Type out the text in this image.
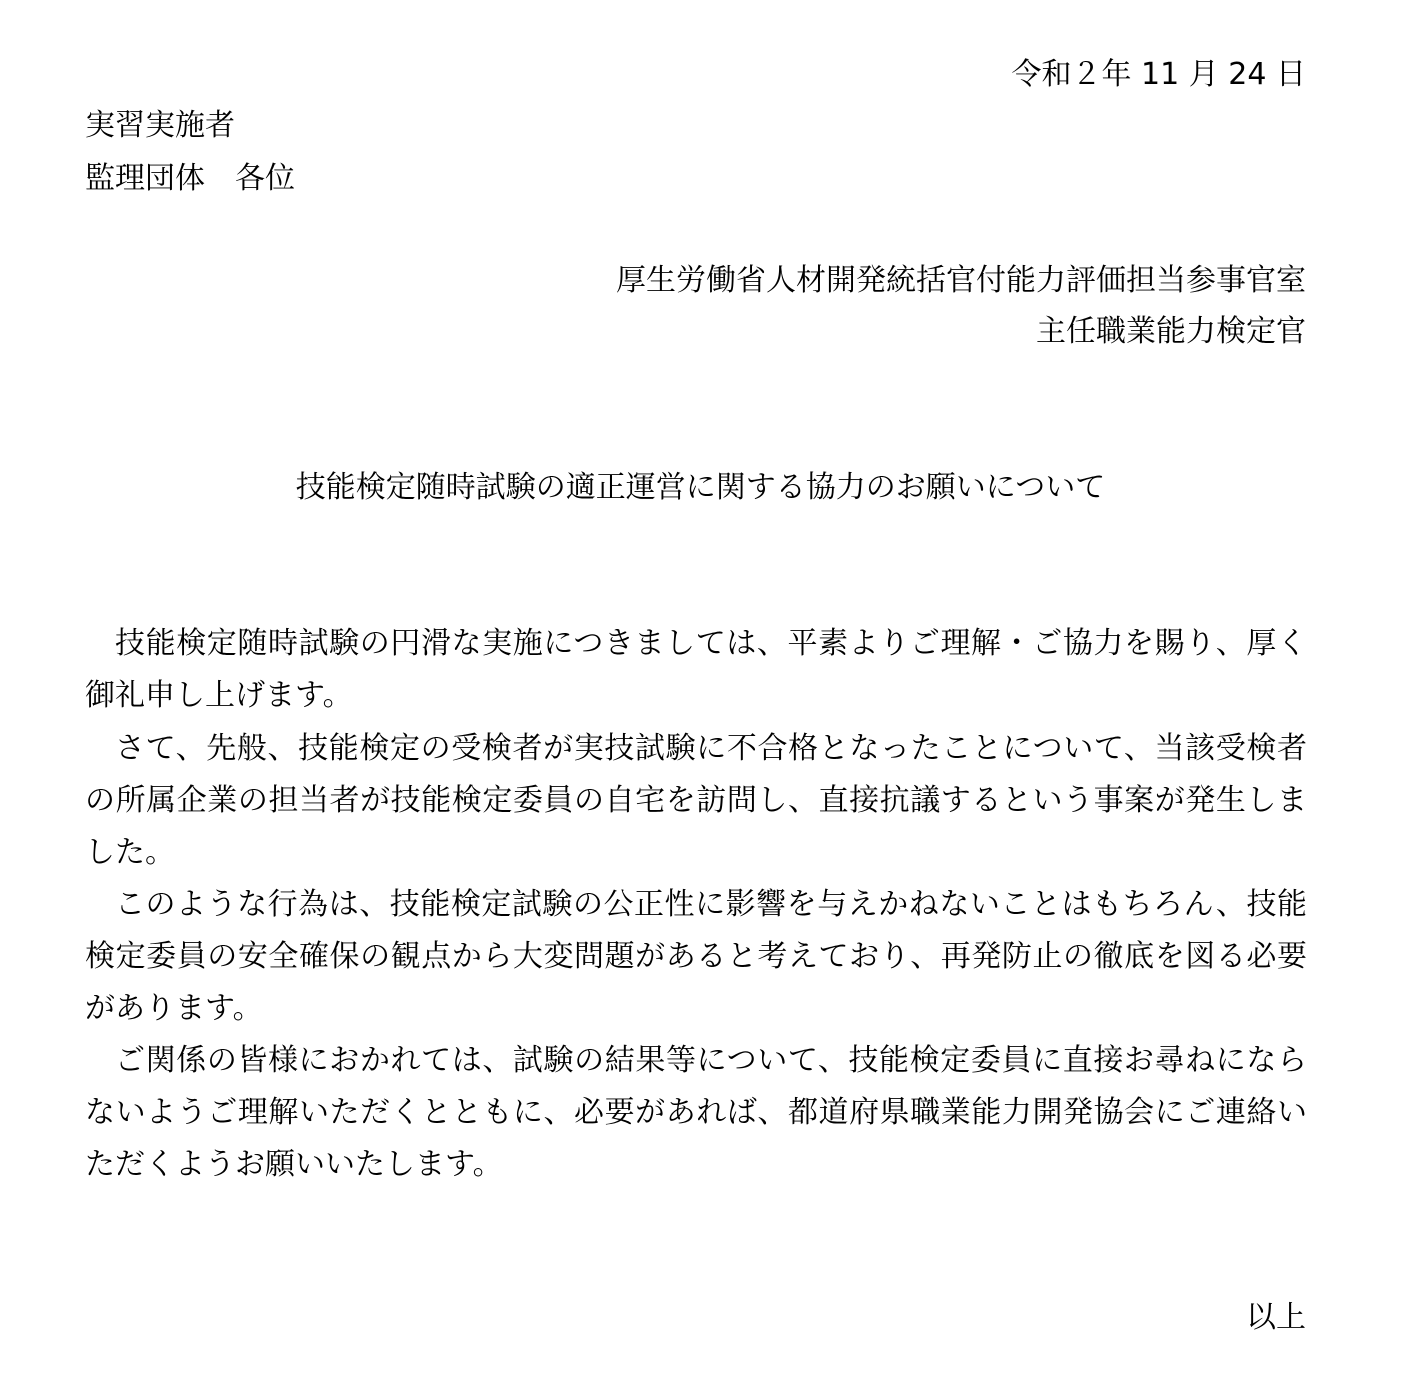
令和２年 11 月 24 日
実習実施者
監理団体　各位
厚生労働省人材開発統括官付能力評価担当参事官室
主任職業能力検定官
技能検定随時試験の適正運営に関する協力のお願いについて

技能検定随時試験の円滑な実施につきましては、平素よりご理解・ご協力を賜り、厚く御礼申し上げます。

さて、先般、技能検定の受検者が実技試験に不合格となったことについて、当該受検者の所属企業の担当者が技能検定委員の自宅を訪問し、直接抗議するという事案が発生しました。

このような行為は、技能検定試験の公正性に影響を与えかねないことはもちろん、技能検定委員の安全確保の観点から大変問題があると考えており、再発防止の徹底を図る必要があります。

ご関係の皆様におかれては、試験の結果等について、技能検定委員に直接お尋ねにならないようご理解いただくとともに、必要があれば、都道府県職業能力開発協会にご連絡いただくようお願いいたします。

以上
